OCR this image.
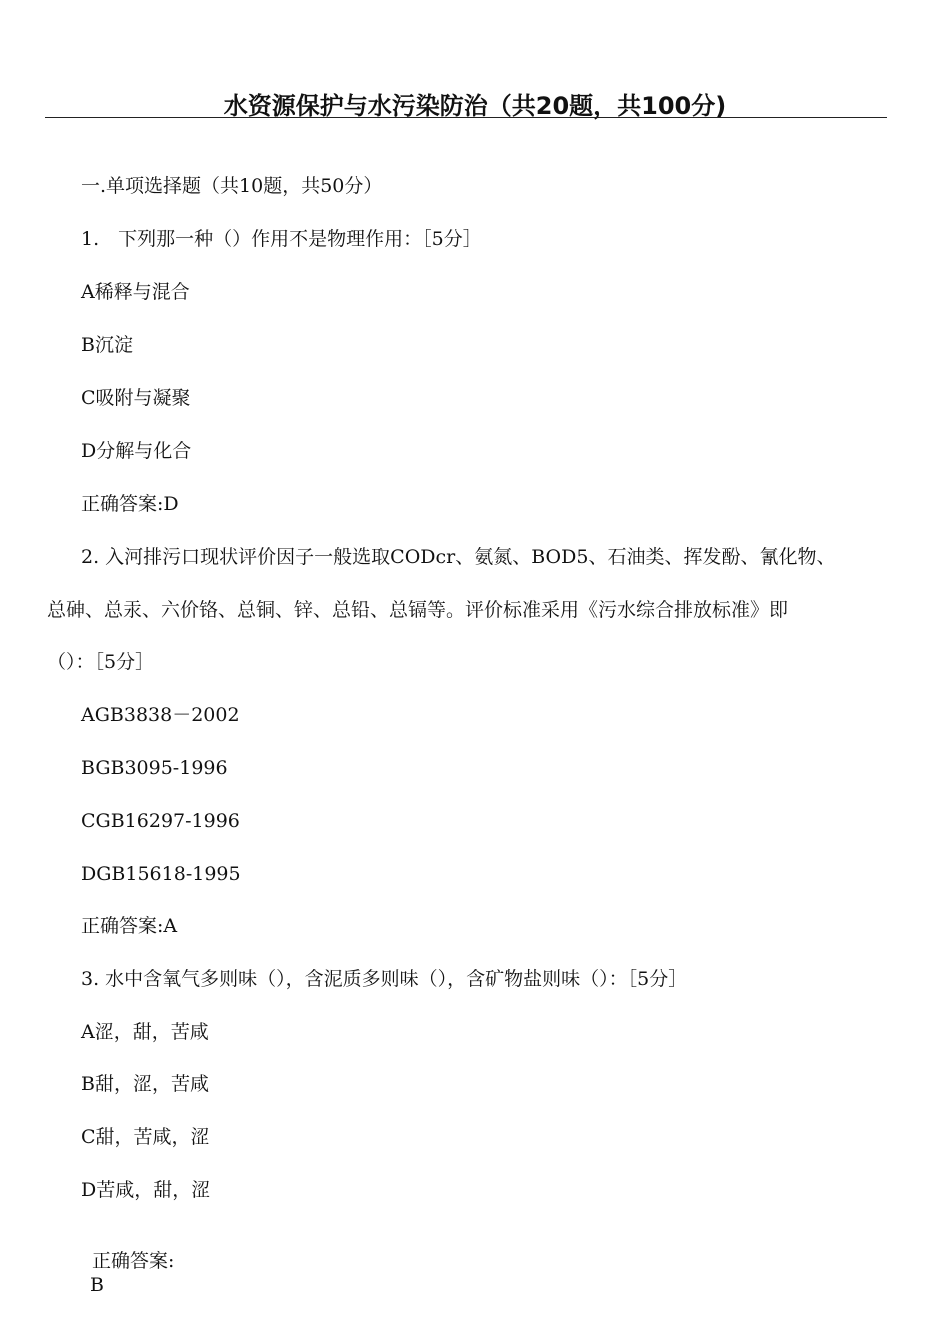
水资源保护与水污染防治（共20题，共100分)
一.单项选择题（共10题，共50分）
1.　下列那一种（）作用不是物理作用：［5分］
A稀释与混合
B沉淀
C吸附与凝聚
D分解与化合
正确答案:D
2. 入河排污口现状评价因子一般选取CODcr、氨氮、BOD5、石油类、挥发酚、氰化物、
总砷、总汞、六价铬、总铜、锌、总铅、总镉等。评价标准采用《污水综合排放标准》即
（）：［5分］
AGB3838－2002
BGB3095-1996
CGB16297-1996
DGB15618-1995
正确答案:A
3. 水中含氧气多则味（），含泥质多则味（），含矿物盐则味（）：［5分］
A涩，甜，苦咸
B甜，涩，苦咸
C甜，苦咸，涩
D苦咸，甜，涩
正确答案:
B
